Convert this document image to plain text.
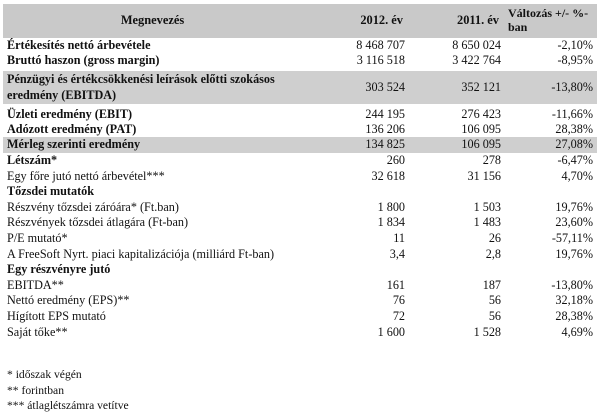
Megnevezés	2012. év	2011. év	Változás +/- %-ban
Értékesítés nettó árbevétele	8 468 707	8 650 024	-2,10%
Bruttó haszon (gross margin)	3 116 518	3 422 764	-8,95%
Pénzügyi és értékcsökkenési leírások előtti szokásos eredmény (EBITDA)	303 524	352 121	-13,80%
Üzleti eredmény (EBIT)	244 195	276 423	-11,66%
Adózott eredmény (PAT)	136 206	106 095	28,38%
Mérleg szerinti eredmény	134 825	106 095	27,08%
Létszám*	260	278	-6,47%
Egy főre jutó nettó árbevétel***	32 618	31 156	4,70%
Tőzsdei mutatók			
Részvény tőzsdei záróára* (Ft.ban)	1 800	1 503	19,76%
Részvények tőzsdei átlagára (Ft-ban)	1 834	1 483	23,60%
P/E mutató*	11	26	-57,11%
A FreeSoft Nyrt. piaci kapitalizációja (milliárd Ft-ban)	3,4	2,8	19,76%
Egy részvényre jutó			
EBITDA**	161	187	-13,80%
Nettó eredmény (EPS)**	76	56	32,18%
Hígított EPS mutató	72	56	28,38%
Saját tőke**	1 600	1 528	4,69%
* időszak végén
** forintban
*** átlaglétszámra vetítve
